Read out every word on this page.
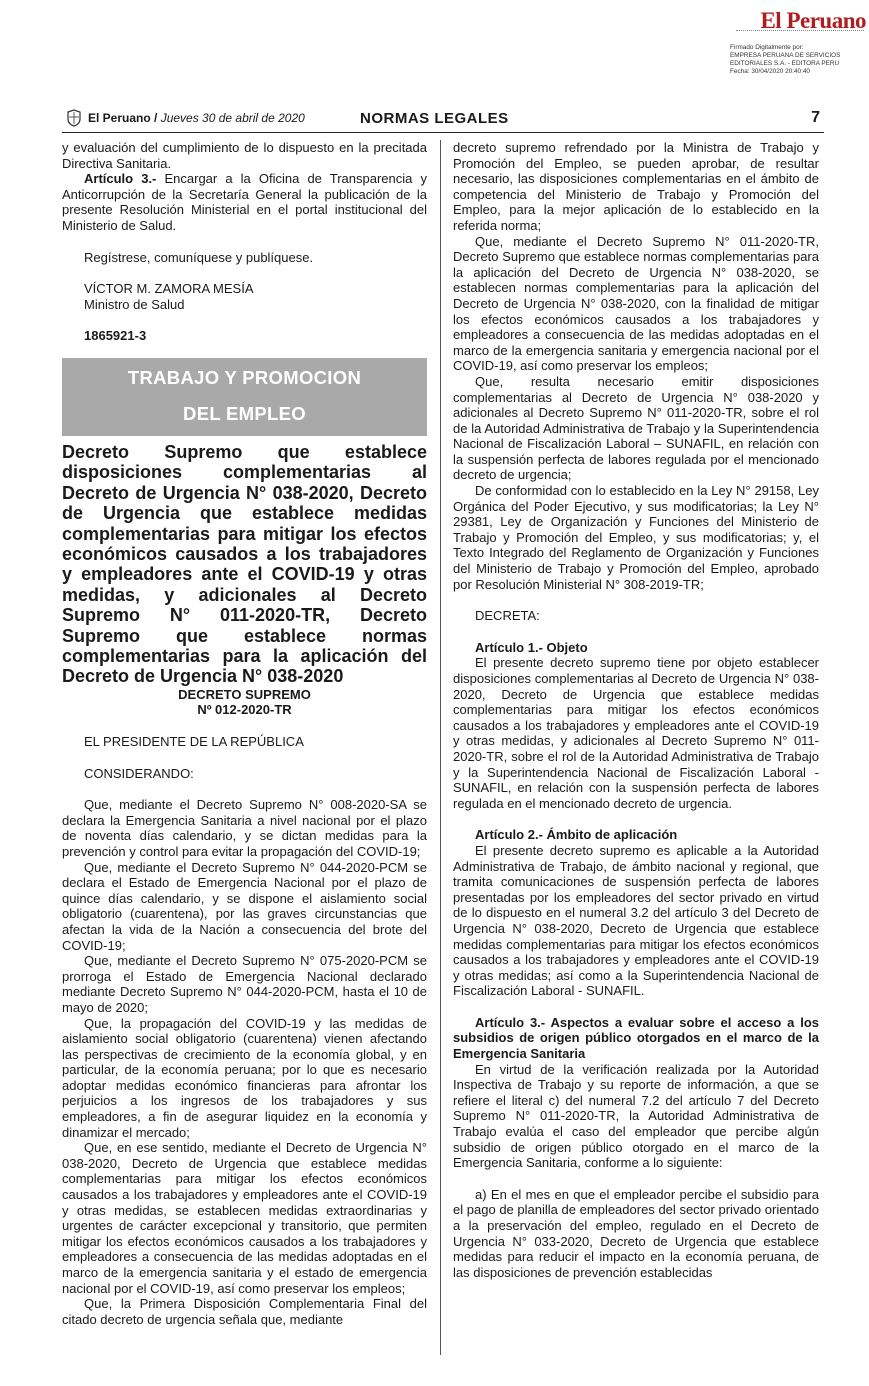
El Peruano
Firmado Digitalmente por:
EMPRESA PERUANA DE SERVICIOS
EDITORIALES S.A. - EDITORA PERU
Fecha: 30/04/2020 20:40:40
El Peruano / Jueves 30 de abril de 2020	NORMAS LEGALES	7

y evaluación del cumplimiento de lo dispuesto en la precitada Directiva Sanitaria.

Artículo 3.- Encargar a la Oficina de Transparencia y Anticorrupción de la Secretaría General la publicación de la presente Resolución Ministerial en el portal institucional del Ministerio de Salud.

Regístrese, comuníquese y publíquese.

VÍCTOR M. ZAMORA MESÍA

Ministro de Salud

1865921-3

TRABAJO Y PROMOCION
DEL EMPLEO

Decreto Supremo que establece disposiciones complementarias al Decreto de Urgencia N° 038-2020, Decreto de Urgencia que establece medidas complementarias para mitigar los efectos económicos causados a los trabajadores y empleadores ante el COVID-19 y otras medidas, y adicionales al Decreto Supremo N° 011-2020-TR, Decreto Supremo que establece normas complementarias para la aplicación del Decreto de Urgencia N° 038-2020

DECRETO SUPREMO

Nº 012-2020-TR

EL PRESIDENTE DE LA REPÚBLICA

CONSIDERANDO:

Que, mediante el Decreto Supremo N° 008-2020-SA se declara la Emergencia Sanitaria a nivel nacional por el plazo de noventa días calendario, y se dictan medidas para la prevención y control para evitar la propagación del COVID-19;

Que, mediante el Decreto Supremo N° 044-2020-PCM se declara el Estado de Emergencia Nacional por el plazo de quince días calendario, y se dispone el aislamiento social obligatorio (cuarentena), por las graves circunstancias que afectan la vida de la Nación a consecuencia del brote del COVID-19;

Que, mediante el Decreto Supremo N° 075-2020-PCM se prorroga el Estado de Emergencia Nacional declarado mediante Decreto Supremo N° 044-2020-PCM, hasta el 10 de mayo de 2020;

Que, la propagación del COVID-19 y las medidas de aislamiento social obligatorio (cuarentena) vienen afectando las perspectivas de crecimiento de la economía global, y en particular, de la economía peruana; por lo que es necesario adoptar medidas económico financieras para afrontar los perjuicios a los ingresos de los trabajadores y sus empleadores, a fin de asegurar liquidez en la economía y dinamizar el mercado;

Que, en ese sentido, mediante el Decreto de Urgencia N° 038-2020, Decreto de Urgencia que establece medidas complementarias para mitigar los efectos económicos causados a los trabajadores y empleadores ante el COVID-19 y otras medidas, se establecen medidas extraordinarias y urgentes de carácter excepcional y transitorio, que permiten mitigar los efectos económicos causados a los trabajadores y empleadores a consecuencia de las medidas adoptadas en el marco de la emergencia sanitaria y el estado de emergencia nacional por el COVID-19, así como preservar los empleos;

Que, la Primera Disposición Complementaria Final del citado decreto de urgencia señala que, mediante

decreto supremo refrendado por la Ministra de Trabajo y Promoción del Empleo, se pueden aprobar, de resultar necesario, las disposiciones complementarias en el ámbito de competencia del Ministerio de Trabajo y Promoción del Empleo, para la mejor aplicación de lo establecido en la referida norma;

Que, mediante el Decreto Supremo N° 011-2020-TR, Decreto Supremo que establece normas complementarias para la aplicación del Decreto de Urgencia N° 038-2020, se establecen normas complementarias para la aplicación del Decreto de Urgencia N° 038-2020, con la finalidad de mitigar los efectos económicos causados a los trabajadores y empleadores a consecuencia de las medidas adoptadas en el marco de la emergencia sanitaria y emergencia nacional por el COVID-19, así como preservar los empleos;

Que, resulta necesario emitir disposiciones complementarias al Decreto de Urgencia N° 038-2020 y adicionales al Decreto Supremo N° 011-2020-TR, sobre el rol de la Autoridad Administrativa de Trabajo y la Superintendencia Nacional de Fiscalización Laboral – SUNAFIL, en relación con la suspensión perfecta de labores regulada por el mencionado decreto de urgencia;

De conformidad con lo establecido en la Ley N° 29158, Ley Orgánica del Poder Ejecutivo, y sus modificatorias; la Ley N° 29381, Ley de Organización y Funciones del Ministerio de Trabajo y Promoción del Empleo, y sus modificatorias; y, el Texto Integrado del Reglamento de Organización y Funciones del Ministerio de Trabajo y Promoción del Empleo, aprobado por Resolución Ministerial N° 308-2019-TR;

DECRETA:

Artículo 1.- Objeto

El presente decreto supremo tiene por objeto establecer disposiciones complementarias al Decreto de Urgencia N° 038-2020, Decreto de Urgencia que establece medidas complementarias para mitigar los efectos económicos causados a los trabajadores y empleadores ante el COVID-19 y otras medidas, y adicionales al Decreto Supremo N° 011-2020-TR, sobre el rol de la Autoridad Administrativa de Trabajo y la Superintendencia Nacional de Fiscalización Laboral - SUNAFIL, en relación con la suspensión perfecta de labores regulada en el mencionado decreto de urgencia.

Artículo 2.- Ámbito de aplicación

El presente decreto supremo es aplicable a la Autoridad Administrativa de Trabajo, de ámbito nacional y regional, que tramita comunicaciones de suspensión perfecta de labores presentadas por los empleadores del sector privado en virtud de lo dispuesto en el numeral 3.2 del artículo 3 del Decreto de Urgencia N° 038-2020, Decreto de Urgencia que establece medidas complementarias para mitigar los efectos económicos causados a los trabajadores y empleadores ante el COVID-19 y otras medidas; así como a la Superintendencia Nacional de Fiscalización Laboral - SUNAFIL.

Artículo 3.- Aspectos a evaluar sobre el acceso a los subsidios de origen público otorgados en el marco de la Emergencia Sanitaria

En virtud de la verificación realizada por la Autoridad Inspectiva de Trabajo y su reporte de información, a que se refiere el literal c) del numeral 7.2 del artículo 7 del Decreto Supremo N° 011-2020-TR, la Autoridad Administrativa de Trabajo evalúa el caso del empleador que percibe algún subsidio de origen público otorgado en el marco de la Emergencia Sanitaria, conforme a lo siguiente:

a) En el mes en que el empleador percibe el subsidio para el pago de planilla de empleadores del sector privado orientado a la preservación del empleo, regulado en el Decreto de Urgencia N° 033-2020, Decreto de Urgencia que establece medidas para reducir el impacto en la economía peruana, de las disposiciones de prevención establecidas
